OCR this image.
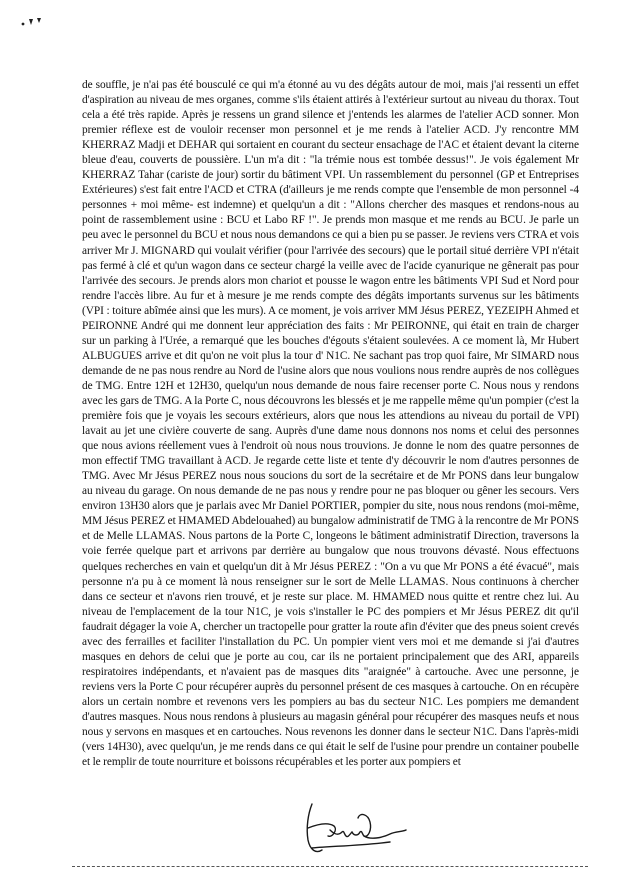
de souffle, je n'ai pas été bousculé ce qui m'a étonné au vu des dégâts autour de moi, mais j'ai ressenti un effet d'aspiration au niveau de mes organes, comme s'ils étaient attirés à l'extérieur surtout au niveau du thorax. Tout cela a été très rapide. Après je ressens un grand silence et j'entends les alarmes de l'atelier ACD sonner. Mon premier réflexe est de vouloir recenser mon personnel et je me rends à l'atelier ACD. J'y rencontre MM KHERRAZ Madji et DEHAR qui sortaient en courant du secteur ensachage de l'AC et étaient devant la citerne bleue d'eau, couverts de poussière. L'un m'a dit : "la trémie nous est tombée dessus!". Je vois également Mr KHERRAZ Tahar (cariste de jour) sortir du bâtiment VPI. Un rassemblement du personnel (GP et Entreprises Extérieures) s'est fait entre l'ACD et CTRA (d'ailleurs je me rends compte que l'ensemble de mon personnel -4 personnes + moi même- est indemne) et quelqu'un a dit : "Allons chercher des masques et rendons-nous au point de rassemblement usine : BCU et Labo RF !". Je prends mon masque et me rends au BCU. Je parle un peu avec le personnel du BCU et nous nous demandons ce qui a bien pu se passer. Je reviens vers CTRA et vois arriver Mr J. MIGNARD qui voulait vérifier (pour l'arrivée des secours) que le portail situé derrière VPI n'était pas fermé à clé et qu'un wagon dans ce secteur chargé la veille avec de l'acide cyanurique ne gênerait pas pour l'arrivée des secours. Je prends alors mon chariot et pousse le wagon entre les bâtiments VPI Sud et Nord pour rendre l'accès libre. Au fur et à mesure je me rends compte des dégâts importants survenus sur les bâtiments (VPI : toiture abîmée ainsi que les murs). A ce moment, je vois arriver MM Jésus PEREZ, YEZEIPH Ahmed et PEIRONNE André qui me donnent leur appréciation des faits : Mr PEIRONNE, qui était en train de charger sur un parking à l'Urée, a remarqué que les bouches d'égouts s'étaient soulevées. A ce moment là, Mr Hubert ALBUGUES arrive et dit qu'on ne voit plus la tour d' N1C. Ne sachant pas trop quoi faire, Mr SIMARD nous demande de ne pas nous rendre au Nord de l'usine alors que nous voulions nous rendre auprès de nos collègues de TMG. Entre 12H et 12H30, quelqu'un nous demande de nous faire recenser porte C. Nous nous y rendons avec les gars de TMG. A la Porte C, nous découvrons les blessés et je me rappelle même qu'un pompier (c'est la première fois que je voyais les secours extérieurs, alors que nous les attendions au niveau du portail de VPI) lavait au jet une civière couverte de sang. Auprès d'une dame nous donnons nos noms et celui des personnes que nous avions réellement vues à l'endroit où nous nous trouvions. Je donne le nom des quatre personnes de mon effectif TMG travaillant à ACD. Je regarde cette liste et tente d'y découvrir le nom d'autres personnes de TMG. Avec Mr Jésus PEREZ nous nous soucions du sort de la secrétaire et de Mr PONS dans leur bungalow au niveau du garage. On nous demande de ne pas nous y rendre pour ne pas bloquer ou gêner les secours. Vers environ 13H30 alors que je parlais avec Mr Daniel PORTIER, pompier du site, nous nous rendons (moi-même, MM Jésus PEREZ et HMAMED Abdelouahed) au bungalow administratif de TMG à la rencontre de Mr PONS et de Melle LLAMAS. Nous partons de la Porte C, longeons le bâtiment administratif Direction, traversons la voie ferrée quelque part et arrivons par derrière au bungalow que nous trouvons dévasté. Nous effectuons quelques recherches en vain et quelqu'un dit à Mr Jésus PEREZ : "On a vu que Mr PONS a été évacué", mais personne n'a pu à ce moment là nous renseigner sur le sort de Melle LLAMAS. Nous continuons à chercher dans ce secteur et n'avons rien trouvé, et je reste sur place. M. HMAMED nous quitte et rentre chez lui. Au niveau de l'emplacement de la tour N1C, je vois s'installer le PC des pompiers et Mr Jésus PEREZ dit qu'il faudrait dégager la voie A, chercher un tractopelle pour gratter la route afin d'éviter que des pneus soient crevés avec des ferrailles et faciliter l'installation du PC. Un pompier vient vers moi et me demande si j'ai d'autres masques en dehors de celui que je porte au cou, car ils ne portaient principalement que des ARI, appareils respiratoires indépendants, et n'avaient pas de masques dits "araignée" à cartouche. Avec une personne, je reviens vers la Porte C pour récupérer auprès du personnel présent de ces masques à cartouche. On en récupère alors un certain nombre et revenons vers les pompiers au bas du secteur N1C. Les pompiers me demandent d'autres masques. Nous nous rendons à plusieurs au magasin général pour récupérer des masques neufs et nous nous y servons en masques et en cartouches. Nous revenons les donner dans le secteur N1C. Dans l'après-midi (vers 14H30), avec quelqu'un, je me rends dans ce qui était le self de l'usine pour prendre un container poubelle et le remplir de toute nourriture et boissons récupérables et les porter aux pompiers et
